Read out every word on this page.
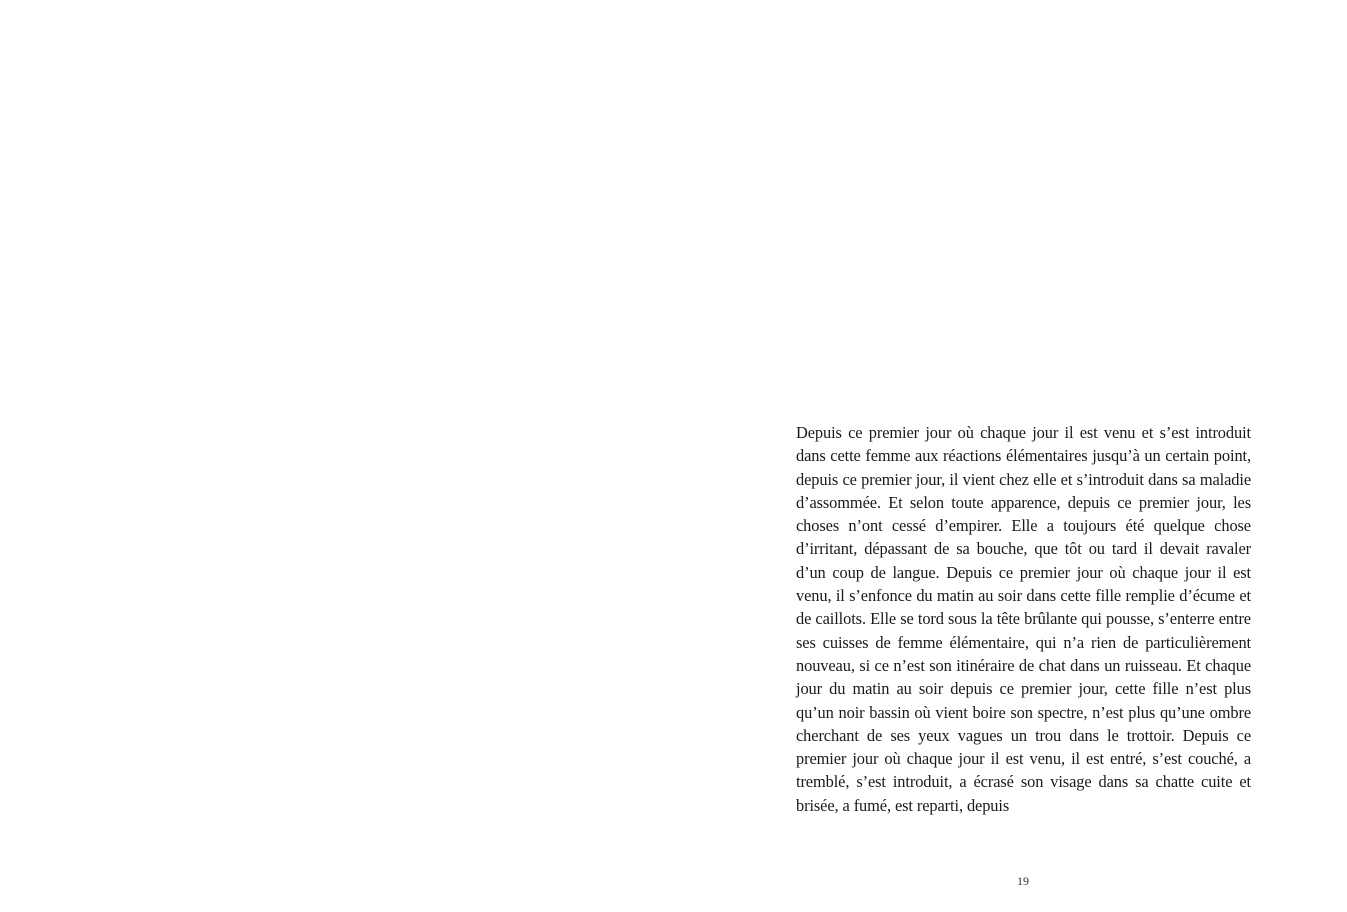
Depuis ce premier jour où chaque jour il est venu et s’est introduit dans cette femme aux réactions élémentaires jusqu’à un certain point, depuis ce premier jour, il vient chez elle et s’introduit dans sa maladie d’assommée. Et selon toute apparence, depuis ce premier jour, les choses n’ont cessé d’empirer. Elle a toujours été quelque chose d’irritant, dépassant de sa bouche, que tôt ou tard il devait ravaler d’un coup de langue. Depuis ce premier jour où chaque jour il est venu, il s’enfonce du matin au soir dans cette fille remplie d’écume et de caillots. Elle se tord sous la tête brûlante qui pousse, s’enterre entre ses cuisses de femme élémentaire, qui n’a rien de particulièrement nouveau, si ce n’est son itinéraire de chat dans un ruisseau. Et chaque jour du matin au soir depuis ce premier jour, cette fille n’est plus qu’un noir bassin où vient boire son spectre, n’est plus qu’une ombre cherchant de ses yeux vagues un trou dans le trottoir. Depuis ce premier jour où chaque jour il est venu, il est entré, s’est couché, a tremblé, s’est introduit, a écrasé son visage dans sa chatte cuite et brisée, a fumé, est reparti, depuis

19
